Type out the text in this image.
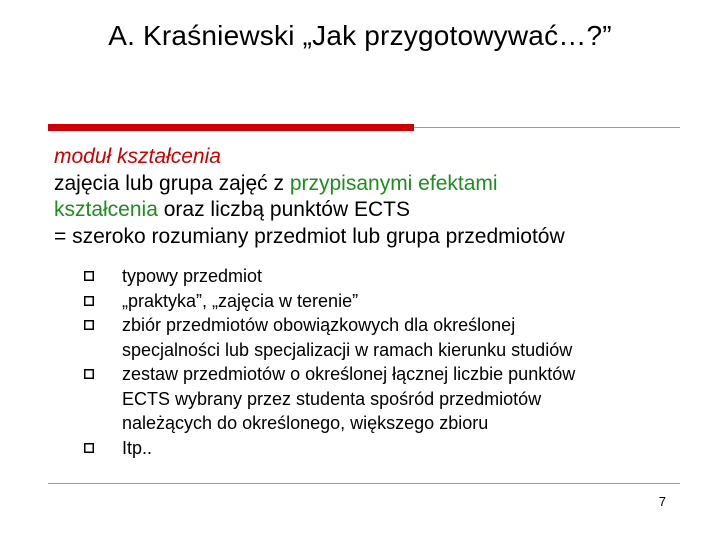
A. Kraśniewski „Jak przygotowywać…?”
moduł kształcenia
zajęcia lub grupa zajęć z przypisanymi efektami
kształcenia oraz liczbą punktów ECTS
= szeroko rozumiany przedmiot lub grupa przedmiotów
typowy przedmiot
„praktyka”, „zajęcia w terenie”
zbiór przedmiotów obowiązkowych dla określonej
specjalności lub specjalizacji w ramach kierunku studiów
zestaw przedmiotów o określonej łącznej liczbie punktów
ECTS wybrany przez studenta spośród przedmiotów
należących do określonego, większego zbioru
Itp..
7
